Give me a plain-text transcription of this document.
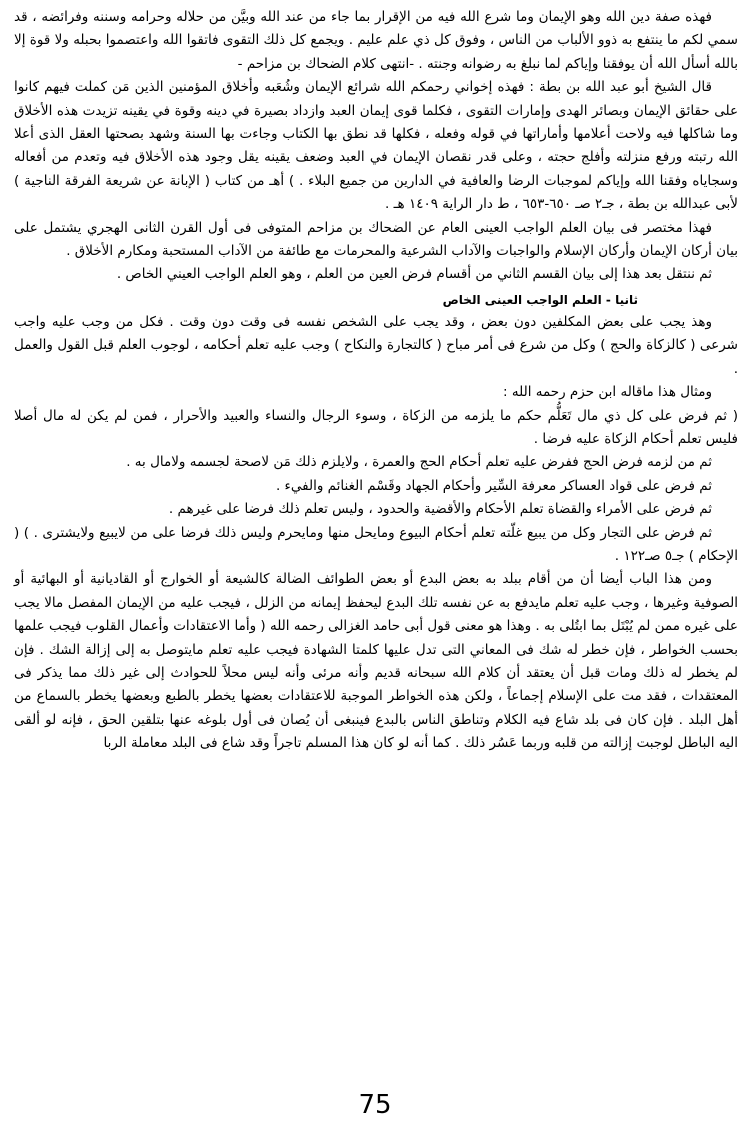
فهذه صفة دين الله وهو الإيمان وما شرع الله فيه من الإقرار بما جاء من عند الله وبيَّن من حلاله وحرامه وسننه وفرائضه ، قد سمي لكم ما ينتفع به ذوو الألباب من الناس ، وفوق كل ذي علم عليم . ويجمع كل ذلك التقوى فاتقوا الله واعتصموا بحبله ولا قوة إلا بالله أسأل الله أن يوفقنا وإياكم لما نبلغ به رضوانه وجنته . -انتهى كلام الضحاك بن مزاحم -

قال الشيخ أبو عبد الله بن بطة : فهذه إخواني رحمكم الله شرائع الإيمان وشُعَبه وأخلاق المؤمنين الذين مَن كملت فيهم كانوا على حقائق الإيمان وبصائر الهدى وإمارات التقوى ، فكلما قوى إيمان العبد وازداد بصيرة في دينه وقوة في يقينه تزيدت هذه الأخلاق وما شاكلها فيه ولاحت أعلامها وأماراتها في قوله وفعله ، فكلها قد نطق بها الكتاب وجاءت بها السنة وشهد بصحتها العقل الذى أعلا الله رتبته ورفع منزلته وأفلج حجته ، وعلى قدر نقصان الإيمان في العبد وضعف يقينه يقل وجود هذه الأخلاق فيه وتعدم من أفعاله وسجاياه وفقنا الله وإياكم لموجبات الرضا والعافية في الدارين من جميع البلاء . ) أهـ من كتاب ( الإبانة عن شريعة الفرقة الناجية ) لأبى عبدالله بن بطة ، جـ٢ صـ ٦٥٠-٦٥٣ ، ط دار الراية ١٤٠٩ هـ .

فهذا مختصر فى بيان العلم الواجب العينى العام عن الضحاك بن مزاحم المتوفى فى أول القرن الثانى الهجري يشتمل على بيان أركان الإيمان وأركان الإسلام والواجبات والآداب الشرعية والمحرمات مع طائفة من الآداب المستحبة ومكارم الأخلاق .

ثم ننتقل بعد هذا إلى بيان القسم الثاني من أقسام فرض العين من العلم ، وهو العلم الواجب العيني الخاص .

ثانيا - العلم الواجب العينى الخاص

وهذ يجب على بعض المكلفين دون بعض ، وقد يجب على الشخص نفسه فى وقت دون وقت . فكل من وجب عليه واجب شرعى ( كالزكاة والحج ) وكل من شرع فى أمر مباح ( كالتجارة والنكاح ) وجب عليه تعلم أحكامه ، لوجوب العلم قبل القول والعمل .

ومثال هذا ماقاله ابن حزم رحمه الله :

( ثم فرض على كل ذي مال تَعَلُّم حكم ما يلزمه من الزكاة ، وسوء الرجال والنساء والعبيد والأحرار ، فمن لم يكن له مال أصلا فليس تعلم أحكام الزكاة عليه فرضا .

ثم من لزمه فرض الحج ففرض عليه تعلم أحكام الحج والعمرة ، ولايلزم ذلك مَن لاصحة لجسمه ولامال به .

ثم فرض على قواد العساكر معرفة السِّير وأحكام الجهاد وقَسْم الغنائم والفيء .

ثم فرض على الأمراء والقضاة تعلم الأحكام والأقضية والحدود ، وليس تعلم ذلك فرضا على غيرهم .

ثم فرض على التجار وكل من يبيع غلّته تعلم أحكام البيوع ومايحل منها ومايحرم وليس ذلك فرضا على من لايبيع ولايشترى . ) ( الإحكام ) جـ٥ صـ١٢٢ .

ومن هذا الباب أيضا أن من أقام ببلد به بعض البدع أو بعض الطوائف الضالة كالشيعة أو الخوارج أو القاديانية أو البهائية أو الصوفية وغيرها ، وجب عليه تعلم مايدفع به عن نفسه تلك البدع ليحفظ إيمانه من الزلل ، فيجب عليه من الإيمان المفصل مالا يجب على غيره ممن لم يُبْتَل بما ابتُلى به . وهذا هو معنى قول أبى حامد الغزالى رحمه الله ( وأما الاعتقادات وأعمال القلوب فيجب علمها بحسب الخواطر ، فإن خطر له شك فى المعاني التى تدل عليها كلمتا الشهادة فيجب عليه تعلم مايتوصل به إلى إزالة الشك . فإن لم يخطر له ذلك ومات قبل أن يعتقد أن كلام الله سبحانه قديم وأنه مرئى وأنه ليس محلاً للحوادث إلى غير ذلك مما يذكر فى المعتقدات ، فقد مت على الإسلام إجماعاً ، ولكن هذه الخواطر الموجبة للاعتقادات بعضها يخطر بالطبع وبعضها يخطر بالسماع من أهل البلد . فإن كان فى بلد شاع فيه الكلام وتناطق الناس بالبدع فينبغى أن يُصان فى أول بلوغه عنها بتلقين الحق ، فإنه لو ألقى اليه الباطل لوجبت إزالته من قلبه وربما عَسُر ذلك . كما أنه لو كان هذا المسلم تاجراً وقد شاع فى البلد معاملة الربا

75
